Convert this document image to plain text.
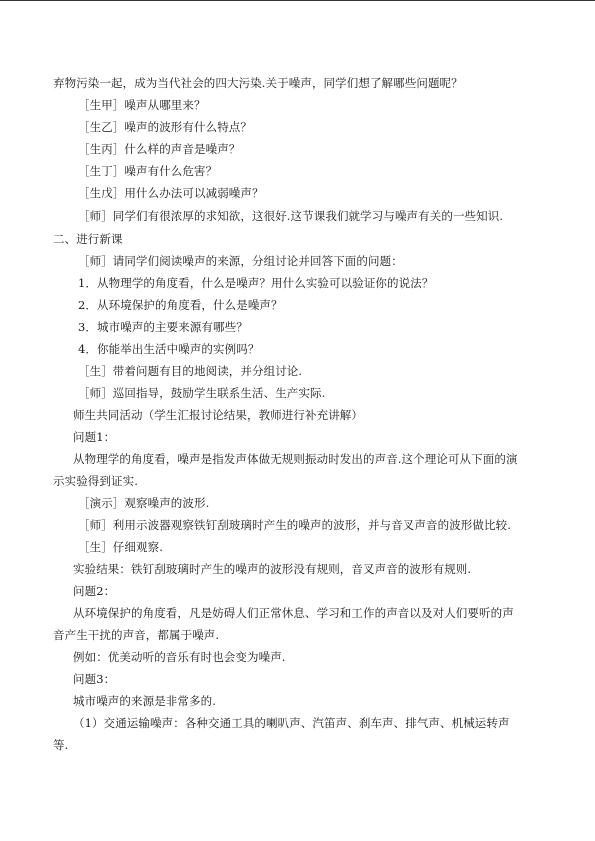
弃物污染一起，成为当代社会的四大污染.关于噪声，同学们想了解哪些问题呢？
［生甲］噪声从哪里来？
［生乙］噪声的波形有什么特点？
［生丙］什么样的声音是噪声？
［生丁］噪声有什么危害？
［生戊］用什么办法可以减弱噪声？
［师］同学们有很浓厚的求知欲，这很好.这节课我们就学习与噪声有关的一些知识.
二、进行新课
［师］请同学们阅读噪声的来源，分组讨论并回答下面的问题：
1．从物理学的角度看，什么是噪声？用什么实验可以验证你的说法？
2．从环境保护的角度看，什么是噪声？
3．城市噪声的主要来源有哪些？
4．你能举出生活中噪声的实例吗？
［生］带着问题有目的地阅读，并分组讨论.
［师］巡回指导，鼓励学生联系生活、生产实际.
师生共同活动（学生汇报讨论结果，教师进行补充讲解）
问题1：
从物理学的角度看，噪声是指发声体做无规则振动时发出的声音.这个理论可从下面的演
示实验得到证实.
［演示］观察噪声的波形.
［师］利用示波器观察铁钉刮玻璃时产生的噪声的波形，并与音叉声音的波形做比较.
［生］仔细观察.
实验结果：铁钉刮玻璃时产生的噪声的波形没有规则，音叉声音的波形有规则.
问题2：
从环境保护的角度看，凡是妨碍人们正常休息、学习和工作的声音以及对人们要听的声
音产生干扰的声音，都属于噪声.
例如：优美动听的音乐有时也会变为噪声.
问题3：
城市噪声的来源是非常多的.
（1）交通运输噪声：各种交通工具的喇叭声、汽笛声、刹车声、排气声、机械运转声
等.
